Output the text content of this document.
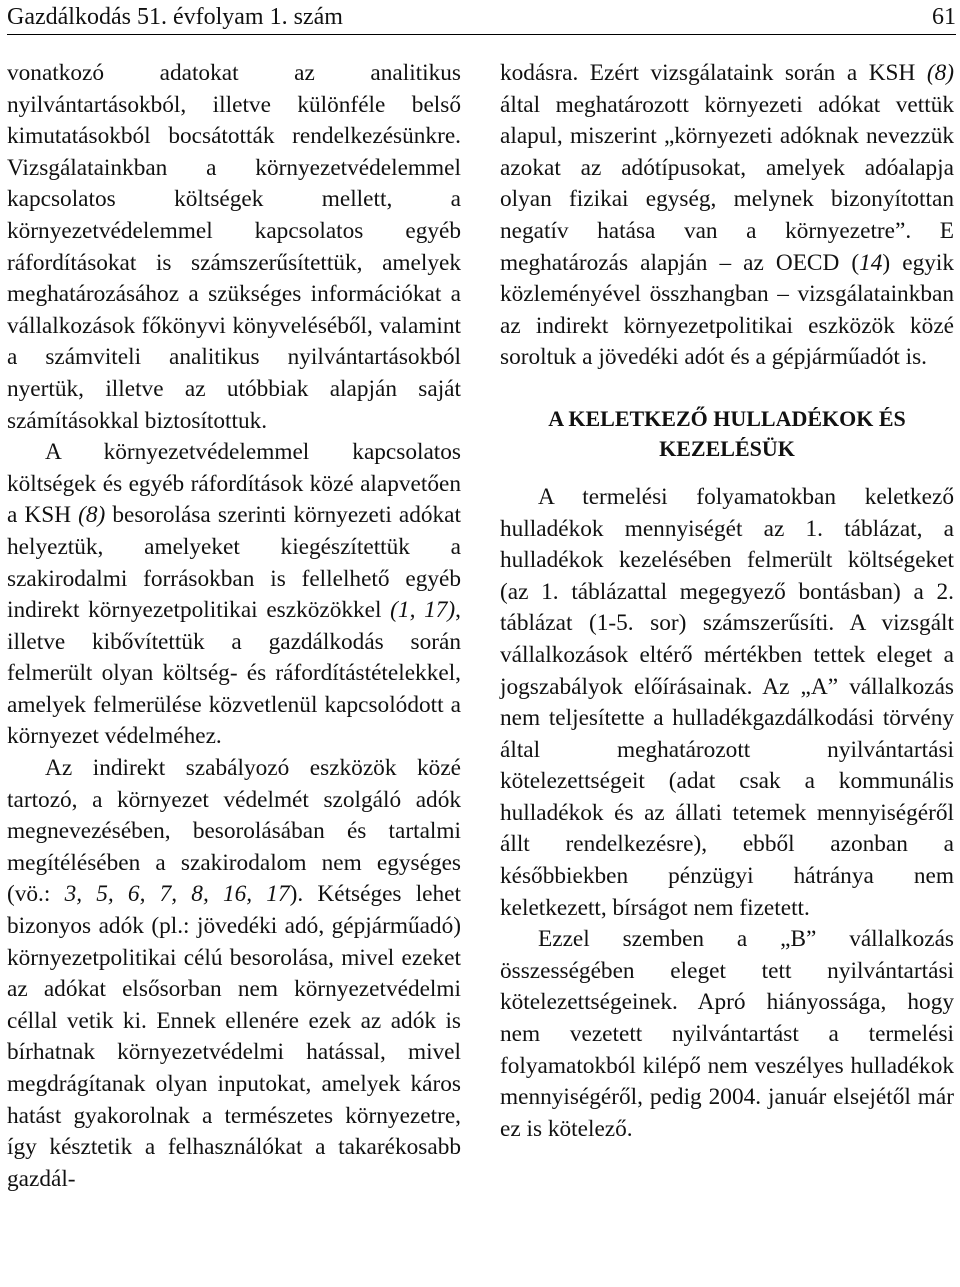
Gazdálkodás 51. évfolyam 1. szám	61

vonatkozó adatokat az analitikus nyilvántartásokból, illetve különféle belső kimutatásokból bocsátották rendelkezésünkre. Vizsgálatainkban a környezetvédelemmel kapcsolatos költségek mellett, a környezetvédelemmel kapcsolatos egyéb ráfordításokat is számszerűsítettük, amelyek meghatározásához a szükséges információkat a vállalkozások főkönyvi könyveléséből, valamint a számviteli analitikus nyilvántartásokból nyertük, illetve az utóbbiak alapján saját számításokkal biztosítottuk.

A környezetvédelemmel kapcsolatos költségek és egyéb ráfordítások közé alapvetően a KSH (8) besorolása szerinti környezeti adókat helyeztük, amelyeket kiegészítettük a szakirodalmi forrásokban is fellelhető egyéb indirekt környezetpolitikai eszközökkel (1, 17), illetve kibővítettük a gazdálkodás során felmerült olyan költség- és ráfordítástételekkel, amelyek felmerülése közvetlenül kapcsolódott a környezet védelméhez.

Az indirekt szabályozó eszközök közé tartozó, a környezet védelmét szolgáló adók megnevezésében, besorolásában és tartalmi megítélésében a szakirodalom nem egységes (vö.: 3, 5, 6, 7, 8, 16, 17). Kétséges lehet bizonyos adók (pl.: jövedéki adó, gépjárműadó) környezetpolitikai célú besorolása, mivel ezeket az adókat elsősorban nem környezetvédelmi céllal vetik ki. Ennek ellenére ezek az adók is bírhatnak környezetvédelmi hatással, mivel megdrágítanak olyan inputokat, amelyek káros hatást gyakorolnak a természetes környezetre, így késztetik a felhasználókat a takarékosabb gazdál-

kodásra. Ezért vizsgálataink során a KSH (8) által meghatározott környezeti adókat vettük alapul, miszerint „környezeti adóknak nevezzük azokat az adótípusokat, amelyek adóalapja olyan fizikai egység, melynek bizonyítottan negatív hatása van a környezetre”. E meghatározás alapján – az OECD (14) egyik közleményével összhangban – vizsgálatainkban az indirekt környezetpolitikai eszközök közé soroltuk a jövedéki adót és a gépjárműadót is.

A KELETKEZŐ HULLADÉKOK ÉS KEZELÉSÜK

A termelési folyamatokban keletkező hulladékok mennyiségét az 1. táblázat, a hulladékok kezelésében felmerült költségeket (az 1. táblázattal megegyező bontásban) a 2. táblázat (1-5. sor) számszerűsíti. A vizsgált vállalkozások eltérő mértékben tettek eleget a jogszabályok előírásainak. Az „A” vállalkozás nem teljesítette a hulladékgazdálkodási törvény által meghatározott nyilvántartási kötelezettségeit (adat csak a kommunális hulladékok és az állati tetemek mennyiségéről állt rendelkezésre), ebből azonban a későbbiekben pénzügyi hátránya nem keletkezett, bírságot nem fizetett.

Ezzel szemben a „B” vállalkozás összességében eleget tett nyilvántartási kötelezettségeinek. Apró hiányossága, hogy nem vezetett nyilvántartást a termelési folyamatokból kilépő nem veszélyes hulladékok mennyiségéről, pedig 2004. január elsejétől már ez is kötelező.
